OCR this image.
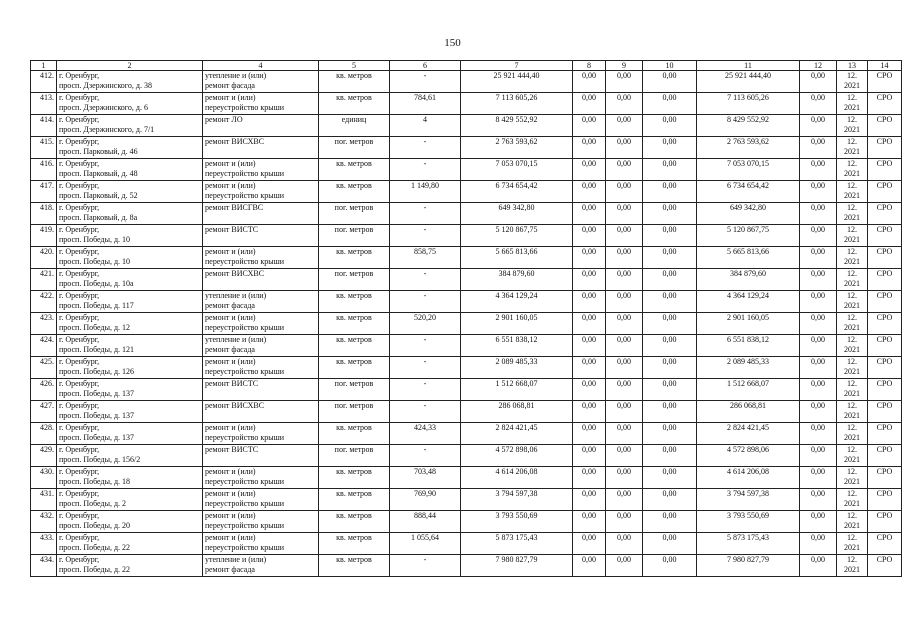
150
1	2	4	5	6	7	8	9	10	11	12	13	14
412.	г. Оренбург,
просп. Дзержинского, д. 38	утепление и (или)
ремонт фасада	кв. метров	-	25 921 444,40	0,00	0,00	0,00	25 921 444,40	0,00	12.
2021	СРО
413.	г. Оренбург,
просп. Дзержинского, д. 6	ремонт и (или)
переустройство крыши	кв. метров	784,61	7 113 605,26	0,00	0,00	0,00	7 113 605,26	0,00	12.
2021	СРО
414.	г. Оренбург,
просп. Дзержинского, д. 7/1	ремонт ЛО	единиц	4	8 429 552,92	0,00	0,00	0,00	8 429 552,92	0,00	12.
2021	СРО
415.	г. Оренбург,
просп. Парковый, д. 46	ремонт ВИСХВС	пог. метров	-	2 763 593,62	0,00	0,00	0,00	2 763 593,62	0,00	12.
2021	СРО
416.	г. Оренбург,
просп. Парковый, д. 48	ремонт и (или)
переустройство крыши	кв. метров	-	7 053 070,15	0,00	0,00	0,00	7 053 070,15	0,00	12.
2021	СРО
417.	г. Оренбург,
просп. Парковый, д. 52	ремонт и (или)
переустройство крыши	кв. метров	1 149,80	6 734 654,42	0,00	0,00	0,00	6 734 654,42	0,00	12.
2021	СРО
418.	г. Оренбург,
просп. Парковый, д. 8а	ремонт ВИСГВС	пог. метров	-	649 342,80	0,00	0,00	0,00	649 342,80	0,00	12.
2021	СРО
419.	г. Оренбург,
просп. Победы, д. 10	ремонт ВИСТС	пог. метров	-	5 120 867,75	0,00	0,00	0,00	5 120 867,75	0,00	12.
2021	СРО
420.	г. Оренбург,
просп. Победы, д. 10	ремонт и (или)
переустройство крыши	кв. метров	858,75	5 665 813,66	0,00	0,00	0,00	5 665 813,66	0,00	12.
2021	СРО
421.	г. Оренбург,
просп. Победы, д. 10а	ремонт ВИСХВС	пог. метров	-	384 879,60	0,00	0,00	0,00	384 879,60	0,00	12.
2021	СРО
422.	г. Оренбург,
просп. Победы, д. 117	утепление и (или)
ремонт фасада	кв. метров	-	4 364 129,24	0,00	0,00	0,00	4 364 129,24	0,00	12.
2021	СРО
423.	г. Оренбург,
просп. Победы, д. 12	ремонт и (или)
переустройство крыши	кв. метров	520,20	2 901 160,05	0,00	0,00	0,00	2 901 160,05	0,00	12.
2021	СРО
424.	г. Оренбург,
просп. Победы, д. 121	утепление и (или)
ремонт фасада	кв. метров	-	6 551 838,12	0,00	0,00	0,00	6 551 838,12	0,00	12.
2021	СРО
425.	г. Оренбург,
просп. Победы, д. 126	ремонт и (или)
переустройство крыши	кв. метров	-	2 089 485,33	0,00	0,00	0,00	2 089 485,33	0,00	12.
2021	СРО
426.	г. Оренбург,
просп. Победы, д. 137	ремонт ВИСТС	пог. метров	-	1 512 668,07	0,00	0,00	0,00	1 512 668,07	0,00	12.
2021	СРО
427.	г. Оренбург,
просп. Победы, д. 137	ремонт ВИСХВС	пог. метров	-	286 068,81	0,00	0,00	0,00	286 068,81	0,00	12.
2021	СРО
428.	г. Оренбург,
просп. Победы, д. 137	ремонт и (или)
переустройство крыши	кв. метров	424,33	2 824 421,45	0,00	0,00	0,00	2 824 421,45	0,00	12.
2021	СРО
429.	г. Оренбург,
просп. Победы, д. 156/2	ремонт ВИСТС	пог. метров	-	4 572 898,06	0,00	0,00	0,00	4 572 898,06	0,00	12.
2021	СРО
430.	г. Оренбург,
просп. Победы, д. 18	ремонт и (или)
переустройство крыши	кв. метров	703,48	4 614 206,08	0,00	0,00	0,00	4 614 206,08	0,00	12.
2021	СРО
431.	г. Оренбург,
просп. Победы, д. 2	ремонт и (или)
переустройство крыши	кв. метров	769,90	3 794 597,38	0,00	0,00	0,00	3 794 597,38	0,00	12.
2021	СРО
432.	г. Оренбург,
просп. Победы, д. 20	ремонт и (или)
переустройство крыши	кв. метров	888,44	3 793 550,69	0,00	0,00	0,00	3 793 550,69	0,00	12.
2021	СРО
433.	г. Оренбург,
просп. Победы, д. 22	ремонт и (или)
переустройство крыши	кв. метров	1 055,64	5 873 175,43	0,00	0,00	0,00	5 873 175,43	0,00	12.
2021	СРО
434.	г. Оренбург,
просп. Победы, д. 22	утепление и (или)
ремонт фасада	кв. метров	-	7 980 827,79	0,00	0,00	0,00	7 980 827,79	0,00	12.
2021	СРО
